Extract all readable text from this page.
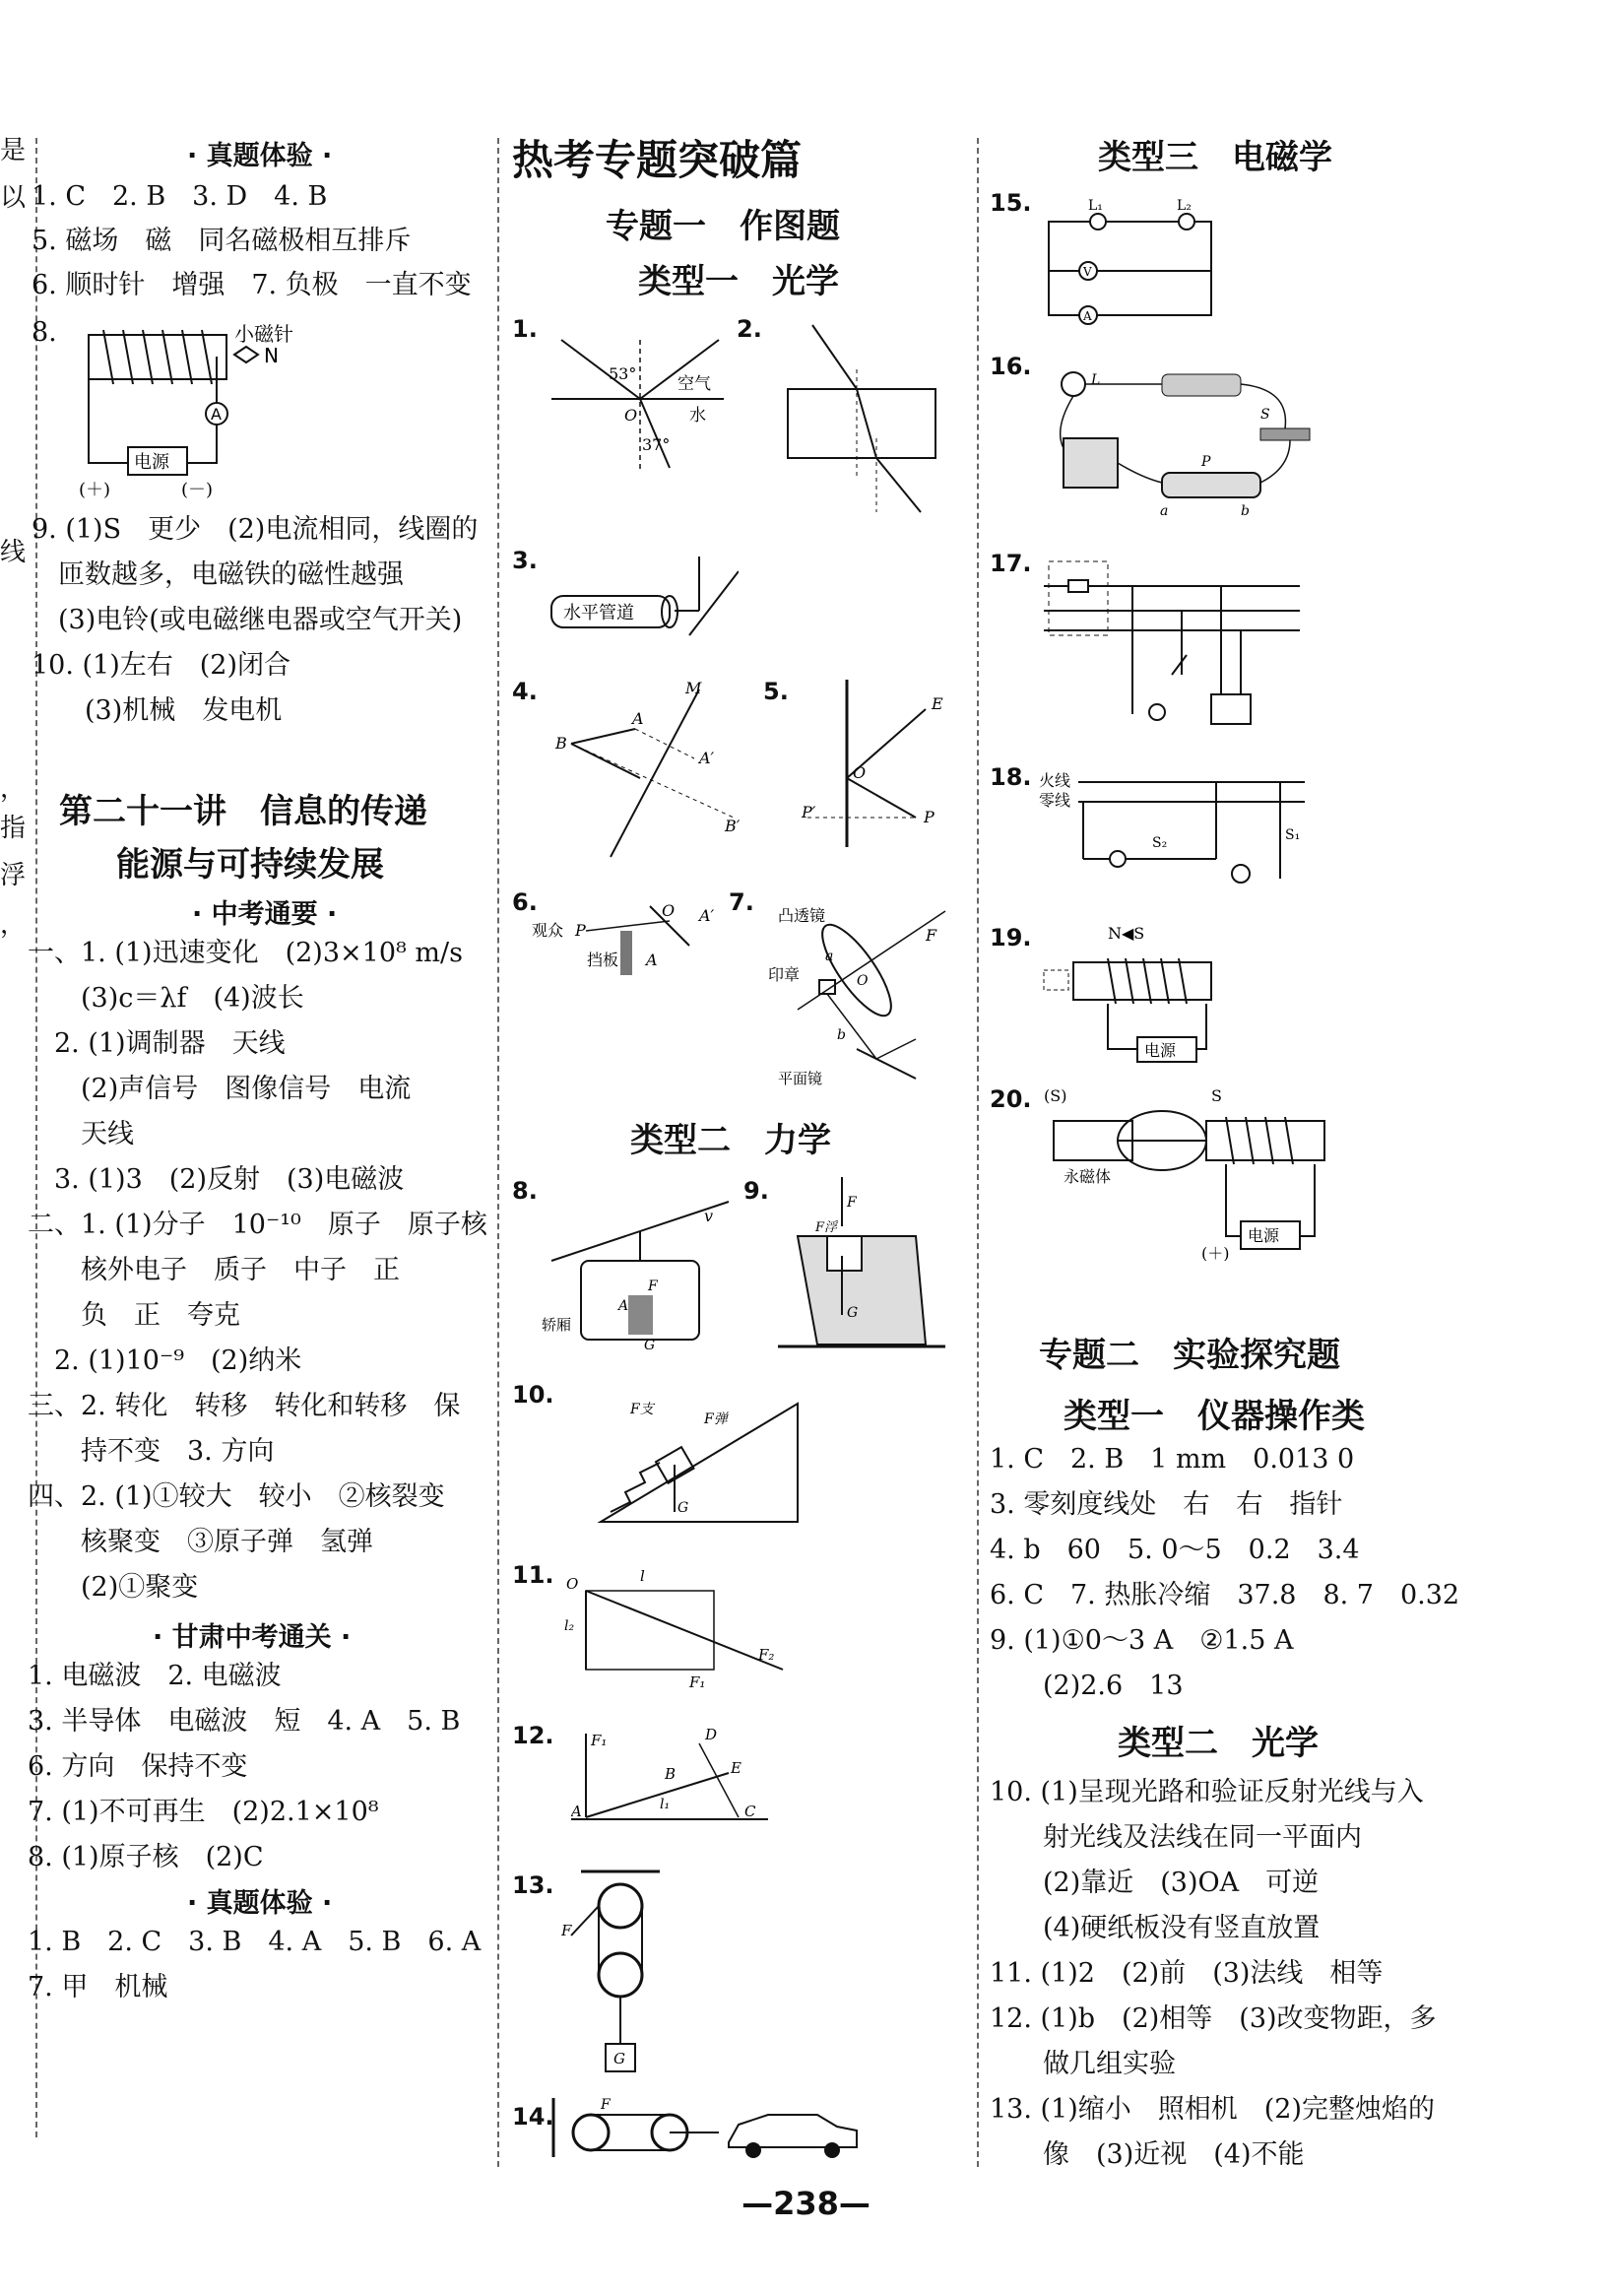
是
以
线
，
指
浮
，
· 真题体验 ·
1. C　2. B　3. D　4. B
5. 磁场　磁　同名磁极相互排斥
6. 顺时针　增强　7. 负极　一直不变
8.	小磁针
N
电源
A
(＋)	(－)
9. (1)S　更少　(2)电流相同，线圈的
　匝数越多，电磁铁的磁性越强
　(3)电铃(或电磁继电器或空气开关)
10. (1)左右　(2)闭合
　　(3)机械　发电机
第二十一讲　信息的传递
能源与可持续发展
· 中考通要 ·
一、1. (1)迅速变化　(2)3×10⁸ m/s
　　(3)c＝λf　(4)波长
　2. (1)调制器　天线
　　(2)声信号　图像信号　电流
　　天线
　3. (1)3　(2)反射　(3)电磁波
二、1. (1)分子　10⁻¹⁰　原子　原子核
　　核外电子　质子　中子　正
　　负　正　夸克
　2. (1)10⁻⁹　(2)纳米
三、2. 转化　转移　转化和转移　保
　　持不变　3. 方向
四、2. (1)①较大　较小　②核裂变
　　核聚变　③原子弹　氢弹
　　(2)①聚变
· 甘肃中考通关 ·
1. 电磁波　2. 电磁波
3. 半导体　电磁波　短　4. A　5. B
6. 方向　保持不变
7. (1)不可再生　(2)2.1×10⁸
8. (1)原子核　(2)C
· 真题体验 ·
1. B　2. C　3. B　4. A　5. B　6. A
7. 甲　机械
热考专题突破篇
专题一　作图题
类型一　光学
1.
53°
空气
O	水
37°
2.
3.
水平管道
4.	M
B
A
A′
B′
5.	E
O
P′	P
6.
观众 P
挡板
O A′
A
7. 凸透镜
印章
a
F
O
b
平面镜
类型二　力学
8.
v
轿厢
A
F
G
9.
F浮
F
G
10.
G
F支
F弹
11. O	l
l₂
F₂
F₁
12. F₁	D
E
B
l₁
A	C
13.
G
F
14.	F
类型三　电磁学
15.	L₁	L₂
V
A
16.	L
P
a	b
S
17.
18. 火线
零线
S₂	S₁
19.	N◀S
电源
20. (S)	S
永磁体
电源
(＋)
专题二　实验探究题
类型一　仪器操作类
1. C　2. B　1 mm　0.013 0
3. 零刻度线处　右　右　指针
4. b　60　5. 0～5　0.2　3.4
6. C　7. 热胀冷缩　37.8　8. 7　0.32
9. (1)①0～3 A　②1.5 A
　　(2)2.6　13
类型二　光学
10. (1)呈现光路和验证反射光线与入
　　射光线及法线在同一平面内
　　(2)靠近　(3)OA　可逆
　　(4)硬纸板没有竖直放置
11. (1)2　(2)前　(3)法线　相等
12. (1)b　(2)相等　(3)改变物距，多
　　做几组实验
13. (1)缩小　照相机　(2)完整烛焰的
　　像　(3)近视　(4)不能
—238—
